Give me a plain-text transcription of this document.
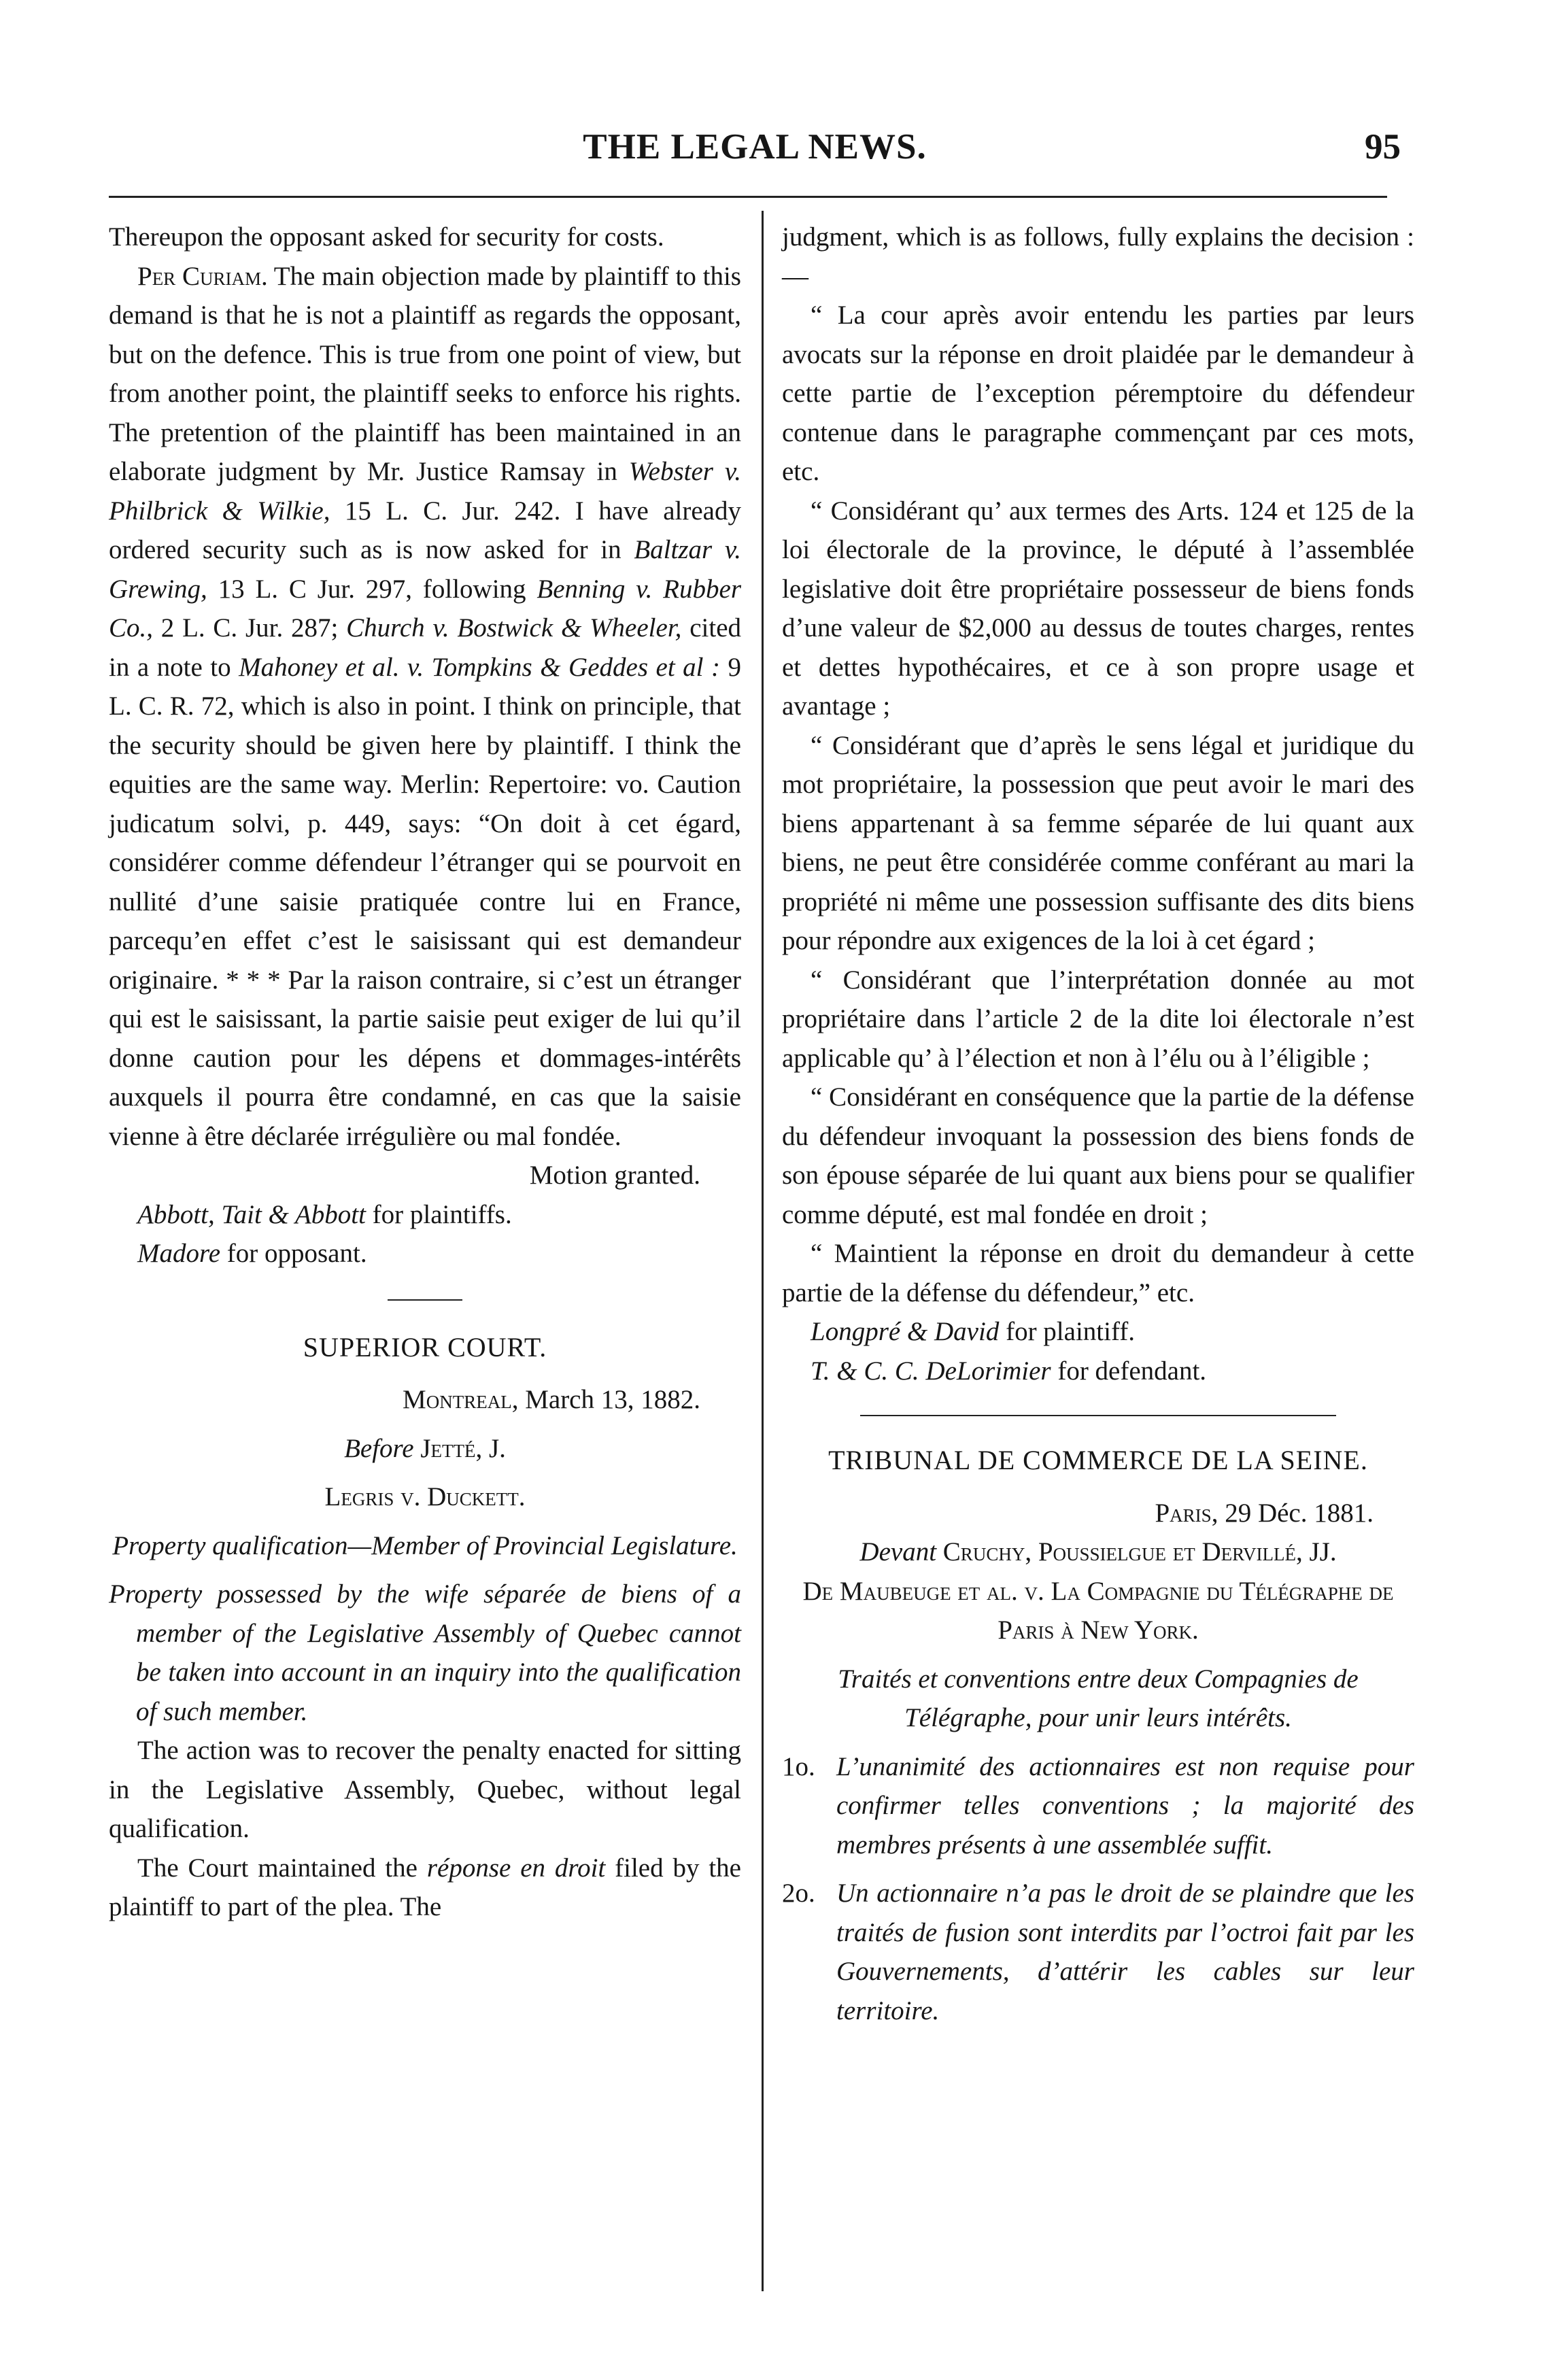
THE LEGAL NEWS.	95

Thereupon the opposant asked for security for costs.

Per Curiam. The main objection made by plaintiff to this demand is that he is not a plaintiff as regards the opposant, but on the defence. This is true from one point of view, but from another point, the plaintiff seeks to enforce his rights. The pretention of the plaintiff has been maintained in an elaborate judgment by Mr. Justice Ramsay in Webster v. Philbrick & Wilkie, 15 L. C. Jur. 242. I have already ordered security such as is now asked for in Baltzar v. Grewing, 13 L. C Jur. 297, following Benning v. Rubber Co., 2 L. C. Jur. 287; Church v. Bostwick & Wheeler, cited in a note to Mahoney et al. v. Tompkins & Geddes et al : 9 L. C. R. 72, which is also in point. I think on principle, that the security should be given here by plaintiff. I think the equities are the same way. Merlin: Repertoire: vo. Caution judicatum solvi, p. 449, says: “On doit à cet égard, considérer comme défendeur l’étranger qui se pourvoit en nullité d’une saisie pratiquée contre lui en France, parcequ’en effet c’est le saisissant qui est demandeur originaire. * * * Par la raison contraire, si c’est un étranger qui est le saisissant, la partie saisie peut exiger de lui qu’il donne caution pour les dépens et dommages-intérêts auxquels il pourra être condamné, en cas que la saisie vienne à être déclarée irrégulière ou mal fondée.

Motion granted.

Abbott, Tait & Abbott for plaintiffs.

Madore for opposant.

SUPERIOR COURT.

Montreal, March 13, 1882.

Before Jetté, J.

Legris v. Duckett.

Property qualification—Member of Provincial Legislature.

Property possessed by the wife séparée de biens of a member of the Legislative Assembly of Quebec cannot be taken into account in an inquiry into the qualification of such member.

The action was to recover the penalty enacted for sitting in the Legislative Assembly, Quebec, without legal qualification.

The Court maintained the réponse en droit filed by the plaintiff to part of the plea. The

judgment, which is as follows, fully explains the decision :—

“ La cour après avoir entendu les parties par leurs avocats sur la réponse en droit plaidée par le demandeur à cette partie de l’exception péremptoire du défendeur contenue dans le paragraphe commençant par ces mots, etc.

“ Considérant qu’ aux termes des Arts. 124 et 125 de la loi électorale de la province, le député à l’assemblée legislative doit être propriétaire possesseur de biens fonds d’une valeur de $2,000 au dessus de toutes charges, rentes et dettes hypothécaires, et ce à son propre usage et avantage ;

“ Considérant que d’après le sens légal et juridique du mot propriétaire, la possession que peut avoir le mari des biens appartenant à sa femme séparée de lui quant aux biens, ne peut être considérée comme conférant au mari la propriété ni même une possession suffisante des dits biens pour répondre aux exigences de la loi à cet égard ;

“ Considérant que l’interprétation donnée au mot propriétaire dans l’article 2 de la dite loi électorale n’est applicable qu’ à l’élection et non à l’élu ou à l’éligible ;

“ Considérant en conséquence que la partie de la défense du défendeur invoquant la possession des biens fonds de son épouse séparée de lui quant aux biens pour se qualifier comme député, est mal fondée en droit ;

“ Maintient la réponse en droit du demandeur à cette partie de la défense du défendeur,” etc.

Longpré & David for plaintiff.

T. & C. C. DeLorimier for defendant.

TRIBUNAL DE COMMERCE DE LA SEINE.

Paris, 29 Déc. 1881.

Devant Cruchy, Poussielgue et Dervillé, JJ.

De Maubeuge et al. v. La Compagnie du Télégraphe de Paris à New York.

Traités et conventions entre deux Compagnies de Télégraphe, pour unir leurs intérêts.

1o. L’unanimité des actionnaires est non requise pour confirmer telles conventions ; la majorité des membres présents à une assemblée suffit.
2o. Un actionnaire n’a pas le droit de se plaindre que les traités de fusion sont interdits par l’octroi fait par les Gouvernements, d’attérir les cables sur leur territoire.
